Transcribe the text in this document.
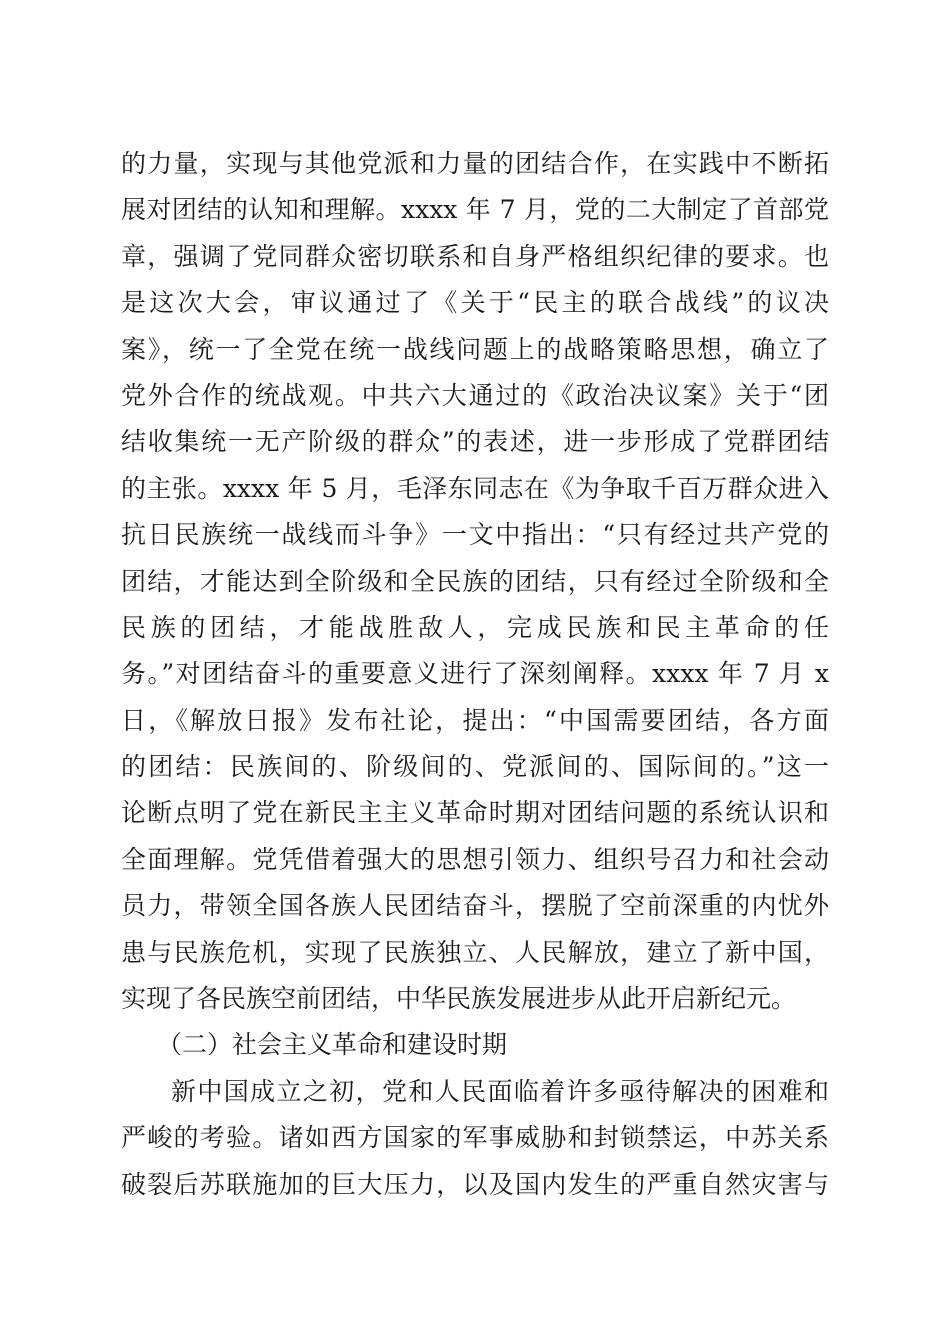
的力量，实现与其他党派和力量的团结合作，在实践中不断拓
展对团结的认知和理解。xxxx 年 7 月，党的二大制定了首部党
章，强调了党同群众密切联系和自身严格组织纪律的要求。也
是这次大会，审议通过了《关于“民主的联合战线”的议决
案》，统一了全党在统一战线问题上的战略策略思想，确立了
党外合作的统战观。中共六大通过的《政治决议案》关于“团
结收集统一无产阶级的群众”的表述，进一步形成了党群团结
的主张。xxxx 年 5 月，毛泽东同志在《为争取千百万群众进入
抗日民族统一战线而斗争》一文中指出：“只有经过共产党的
团结，才能达到全阶级和全民族的团结，只有经过全阶级和全
民族的团结，才能战胜敌人，完成民族和民主革命的任
务。”对团结奋斗的重要意义进行了深刻阐释。xxxx 年 7 月 x
日，《解放日报》发布社论，提出：“中国需要团结，各方面
的团结：民族间的、阶级间的、党派间的、国际间的。”这一
论断点明了党在新民主主义革命时期对团结问题的系统认识和
全面理解。党凭借着强大的思想引领力、组织号召力和社会动
员力，带领全国各族人民团结奋斗，摆脱了空前深重的内忧外
患与民族危机，实现了民族独立、人民解放，建立了新中国，
实现了各民族空前团结，中华民族发展进步从此开启新纪元。
（二）社会主义革命和建设时期
新中国成立之初，党和人民面临着许多亟待解决的困难和
严峻的考验。诸如西方国家的军事威胁和封锁禁运，中苏关系
破裂后苏联施加的巨大压力，以及国内发生的严重自然灾害与
